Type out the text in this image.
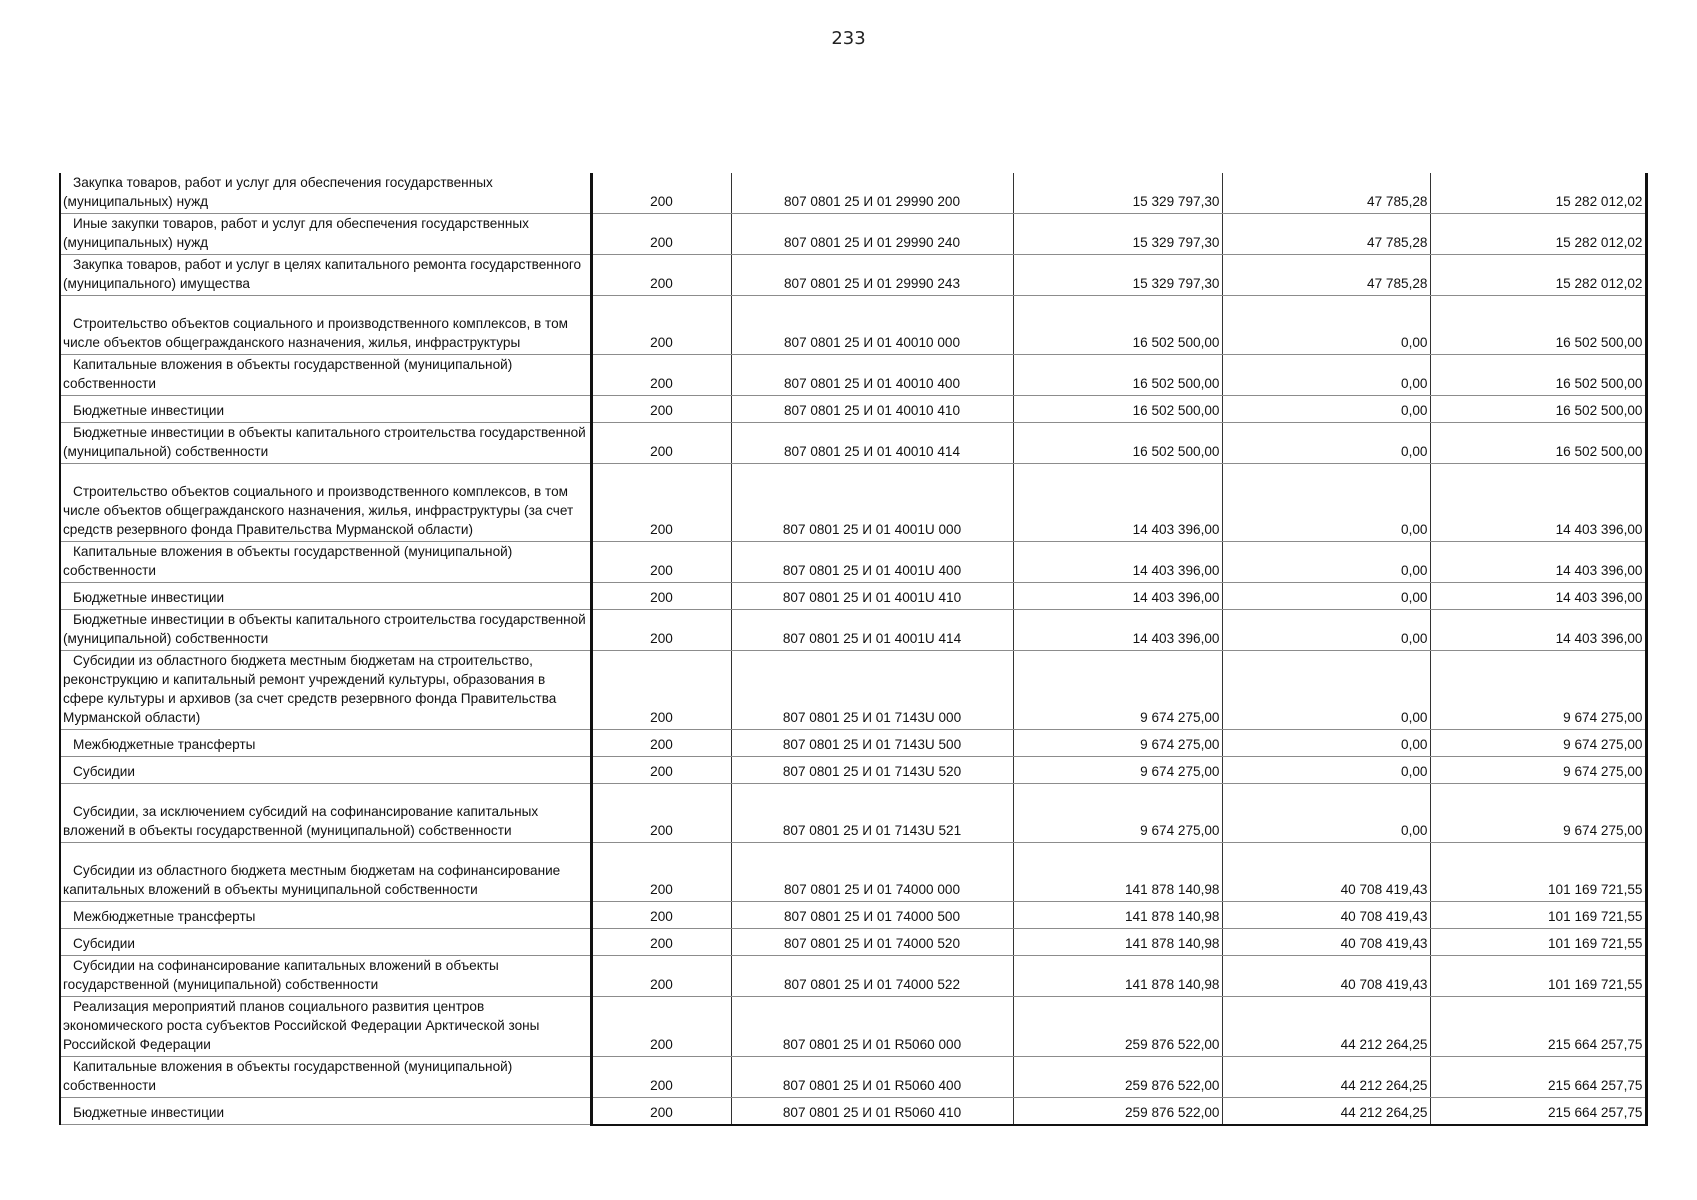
233
Закупка товаров, работ и услуг для обеспечения государственных (муниципальных) нужд	200	807 0801 25 И 01 29990 200	15 329 797,30	47 785,28	15 282 012,02
Иные закупки товаров, работ и услуг для обеспечения государственных (муниципальных) нужд	200	807 0801 25 И 01 29990 240	15 329 797,30	47 785,28	15 282 012,02
Закупка товаров, работ и услуг в целях капитального ремонта государственного (муниципального) имущества	200	807 0801 25 И 01 29990 243	15 329 797,30	47 785,28	15 282 012,02
Строительство объектов социального и производственного комплексов, в том числе объектов общегражданского назначения, жилья, инфраструктуры	200	807 0801 25 И 01 40010 000	16 502 500,00	0,00	16 502 500,00
Капитальные вложения в объекты государственной (муниципальной) собственности	200	807 0801 25 И 01 40010 400	16 502 500,00	0,00	16 502 500,00
Бюджетные инвестиции	200	807 0801 25 И 01 40010 410	16 502 500,00	0,00	16 502 500,00
Бюджетные инвестиции в объекты капитального строительства государственной (муниципальной) собственности	200	807 0801 25 И 01 40010 414	16 502 500,00	0,00	16 502 500,00
Строительство объектов социального и производственного комплексов, в том числе объектов общегражданского назначения, жилья, инфраструктуры (за счет средств резервного фонда Правительства Мурманской области)	200	807 0801 25 И 01 4001U 000	14 403 396,00	0,00	14 403 396,00
Капитальные вложения в объекты государственной (муниципальной) собственности	200	807 0801 25 И 01 4001U 400	14 403 396,00	0,00	14 403 396,00
Бюджетные инвестиции	200	807 0801 25 И 01 4001U 410	14 403 396,00	0,00	14 403 396,00
Бюджетные инвестиции в объекты капитального строительства государственной (муниципальной) собственности	200	807 0801 25 И 01 4001U 414	14 403 396,00	0,00	14 403 396,00
Субсидии из областного бюджета местным бюджетам на строительство, реконструкцию и капитальный ремонт учреждений культуры, образования в сфере культуры и архивов (за счет средств резервного фонда Правительства Мурманской области)	200	807 0801 25 И 01 7143U 000	9 674 275,00	0,00	9 674 275,00
Межбюджетные трансферты	200	807 0801 25 И 01 7143U 500	9 674 275,00	0,00	9 674 275,00
Субсидии	200	807 0801 25 И 01 7143U 520	9 674 275,00	0,00	9 674 275,00
Субсидии, за исключением субсидий на софинансирование капитальных вложений в объекты государственной (муниципальной) собственности	200	807 0801 25 И 01 7143U 521	9 674 275,00	0,00	9 674 275,00
Субсидии из областного бюджета местным бюджетам на софинансирование капитальных вложений в объекты муниципальной собственности	200	807 0801 25 И 01 74000 000	141 878 140,98	40 708 419,43	101 169 721,55
Межбюджетные трансферты	200	807 0801 25 И 01 74000 500	141 878 140,98	40 708 419,43	101 169 721,55
Субсидии	200	807 0801 25 И 01 74000 520	141 878 140,98	40 708 419,43	101 169 721,55
Субсидии на софинансирование капитальных вложений в объекты государственной (муниципальной) собственности	200	807 0801 25 И 01 74000 522	141 878 140,98	40 708 419,43	101 169 721,55
Реализация мероприятий планов социального развития центров экономического роста субъектов Российской Федерации Арктической зоны Российской Федерации	200	807 0801 25 И 01 R5060 000	259 876 522,00	44 212 264,25	215 664 257,75
Капитальные вложения в объекты государственной (муниципальной) собственности	200	807 0801 25 И 01 R5060 400	259 876 522,00	44 212 264,25	215 664 257,75
Бюджетные инвестиции	200	807 0801 25 И 01 R5060 410	259 876 522,00	44 212 264,25	215 664 257,75
